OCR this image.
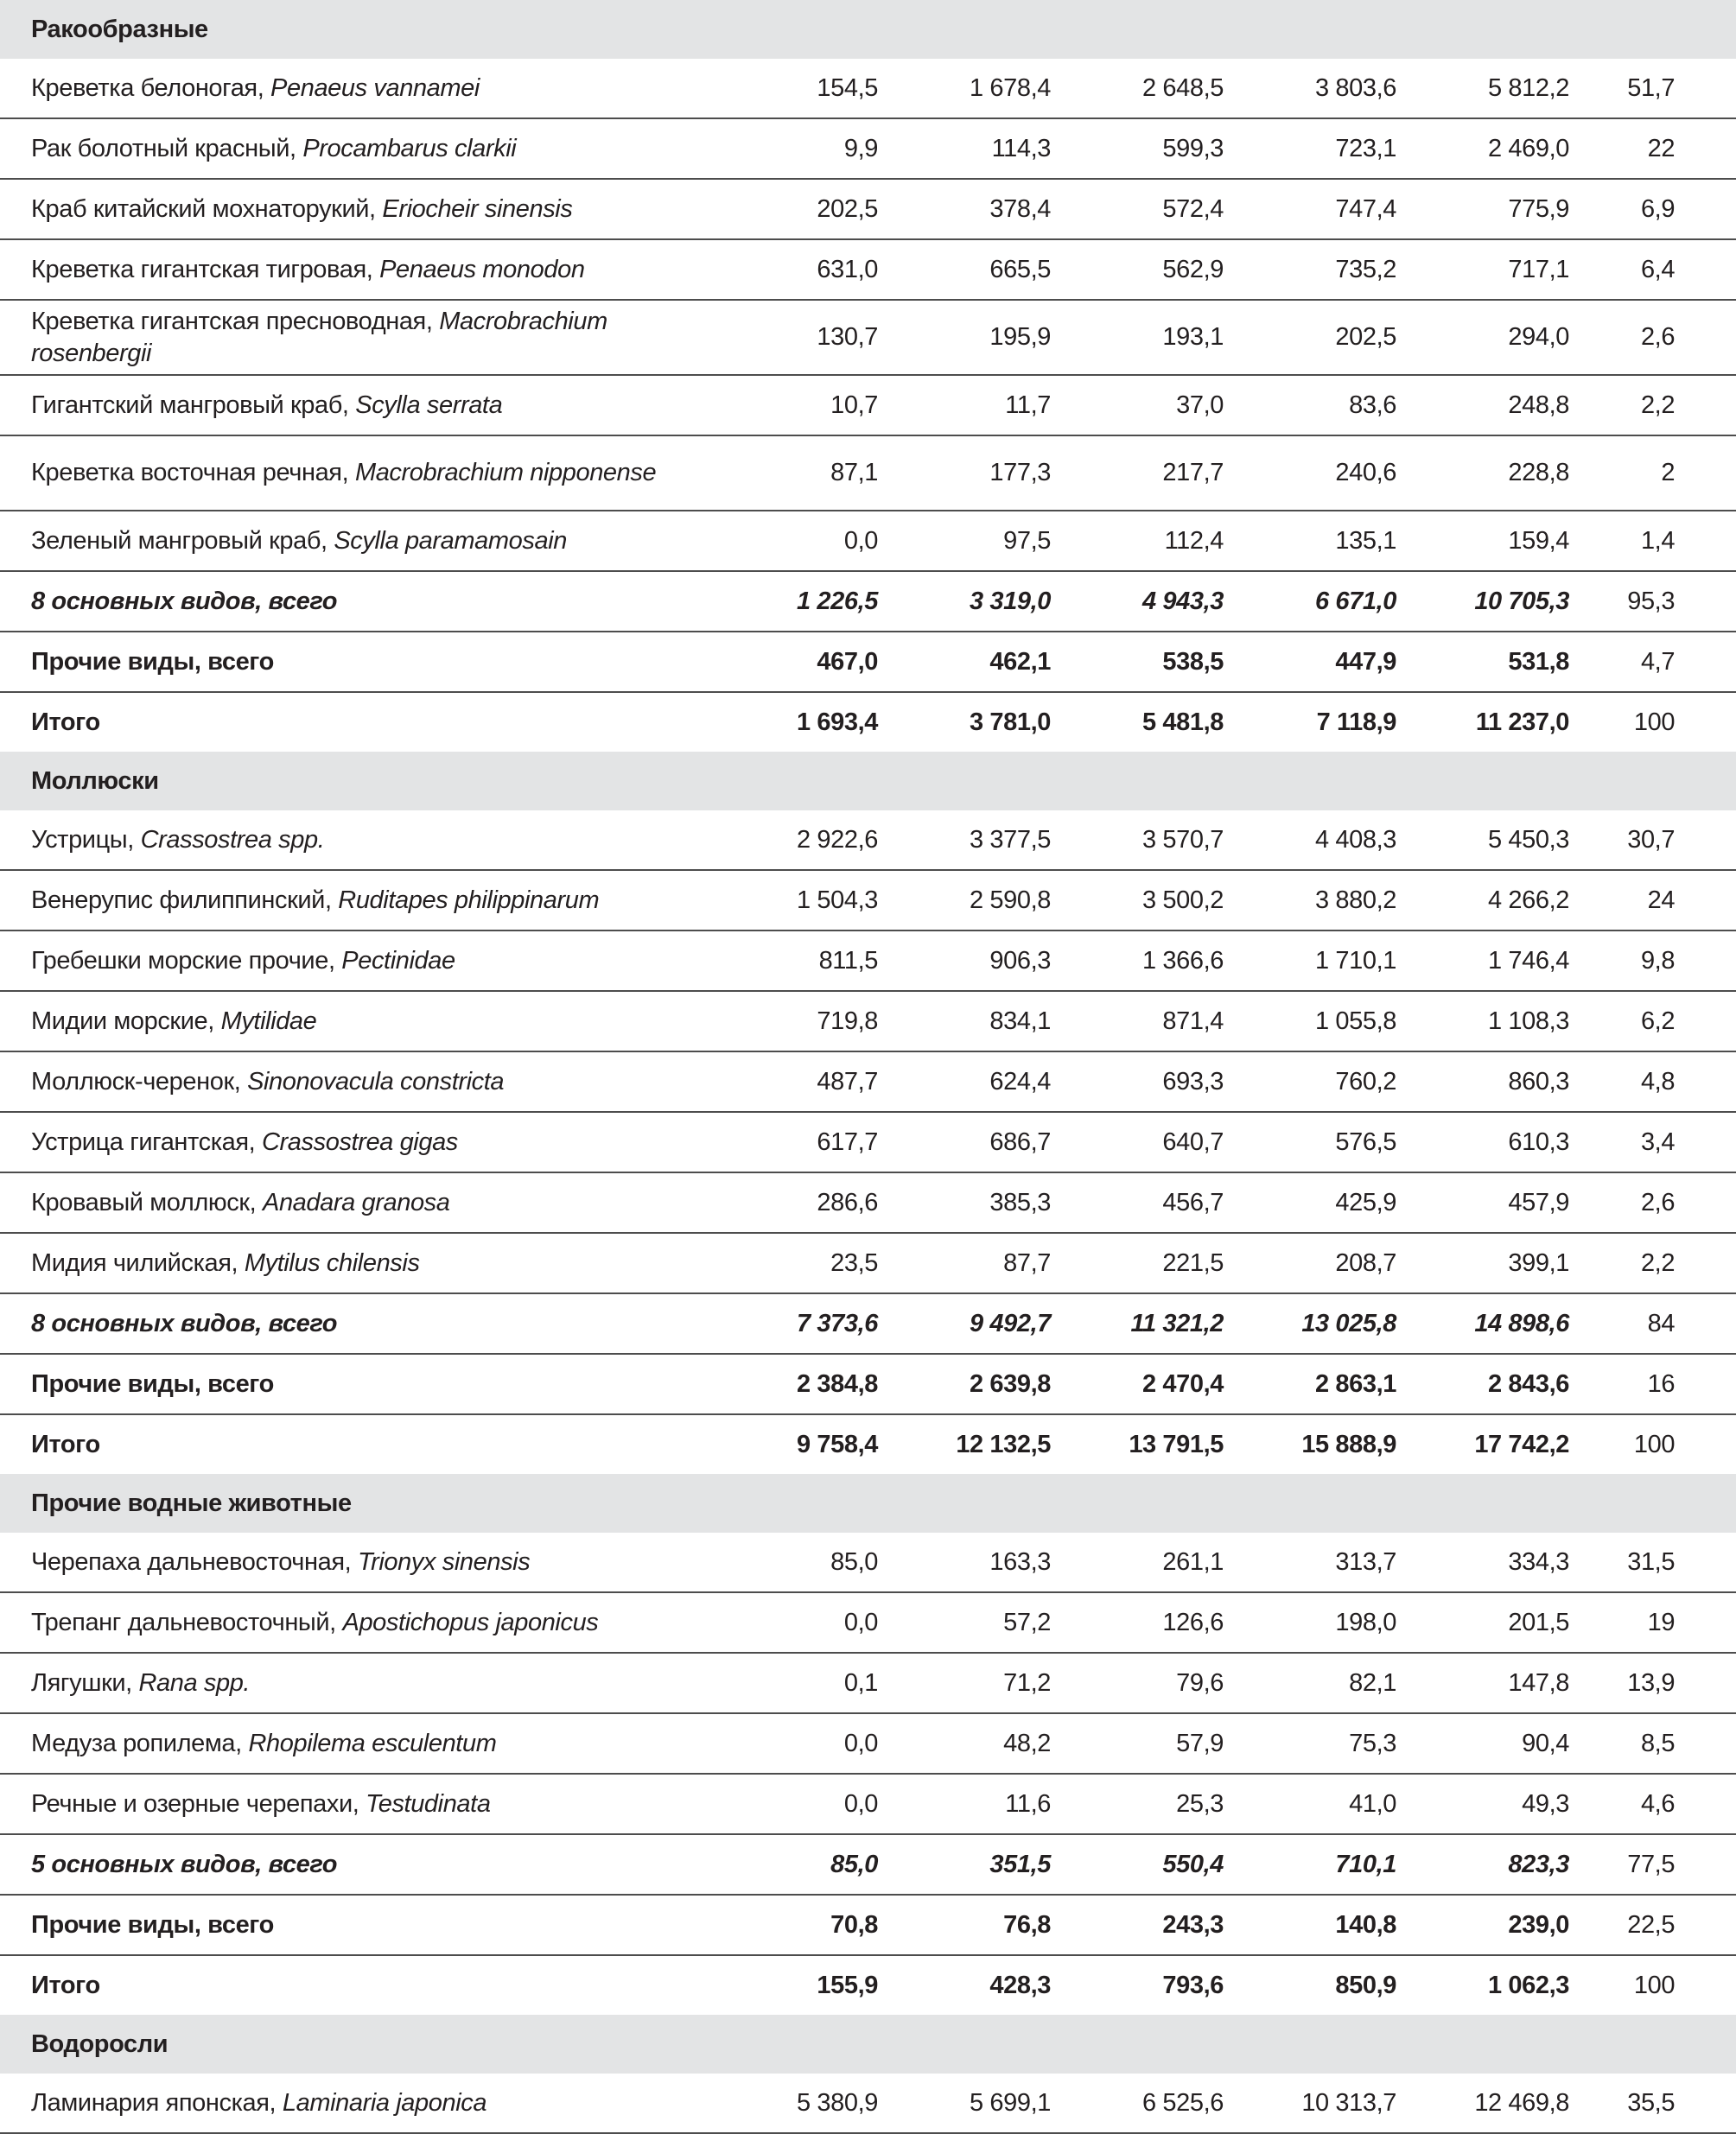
Ракообразные						
Креветка белоногая, Penaeus vannamei	154,5	1 678,4	2 648,5	3 803,6	5 812,2	51,7
Рак болотный красный, Procambarus clarkii	9,9	114,3	599,3	723,1	2 469,0	22
Краб китайский мохнаторукий, Eriocheir sinensis	202,5	378,4	572,4	747,4	775,9	6,9
Креветка гигантская тигровая, Penaeus monodon	631,0	665,5	562,9	735,2	717,1	6,4
Креветка гигантская пресноводная, Macrobrachium rosenbergii	130,7	195,9	193,1	202,5	294,0	2,6
Гигантский мангровый краб, Scylla serrata	10,7	11,7	37,0	83,6	248,8	2,2
Креветка восточная речная, Macrobrachium nipponense	87,1	177,3	217,7	240,6	228,8	2
Зеленый мангровый краб, Scylla paramamosain	0,0	97,5	112,4	135,1	159,4	1,4
8 основных видов, всего	1 226,5	3 319,0	4 943,3	6 671,0	10 705,3	95,3
Прочие виды, всего	467,0	462,1	538,5	447,9	531,8	4,7
Итого	1 693,4	3 781,0	5 481,8	7 118,9	11 237,0	100
Моллюски						
Устрицы, Crassostrea spp.	2 922,6	3 377,5	3 570,7	4 408,3	5 450,3	30,7
Венерупис филиппинский, Ruditapes philippinarum	1 504,3	2 590,8	3 500,2	3 880,2	4 266,2	24
Гребешки морские прочие, Pectinidae	811,5	906,3	1 366,6	1 710,1	1 746,4	9,8
Мидии морские, Mytilidae	719,8	834,1	871,4	1 055,8	1 108,3	6,2
Моллюск-черенок, Sinonovacula constricta	487,7	624,4	693,3	760,2	860,3	4,8
Устрица гигантская, Crassostrea gigas	617,7	686,7	640,7	576,5	610,3	3,4
Кровавый моллюск, Anadara granosa	286,6	385,3	456,7	425,9	457,9	2,6
Мидия чилийская, Mytilus chilensis	23,5	87,7	221,5	208,7	399,1	2,2
8 основных видов, всего	7 373,6	9 492,7	11 321,2	13 025,8	14 898,6	84
Прочие виды, всего	2 384,8	2 639,8	2 470,4	2 863,1	2 843,6	16
Итого	9 758,4	12 132,5	13 791,5	15 888,9	17 742,2	100
Прочие водные животные						
Черепаха дальневосточная, Trionyx sinensis	85,0	163,3	261,1	313,7	334,3	31,5
Трепанг дальневосточный, Apostichopus japonicus	0,0	57,2	126,6	198,0	201,5	19
Лягушки, Rana spp.	0,1	71,2	79,6	82,1	147,8	13,9
Медуза ропилема, Rhopilema esculentum	0,0	48,2	57,9	75,3	90,4	8,5
Речные и озерные черепахи, Testudinata	0,0	11,6	25,3	41,0	49,3	4,6
5 основных видов, всего	85,0	351,5	550,4	710,1	823,3	77,5
Прочие виды, всего	70,8	76,8	243,3	140,8	239,0	22,5
Итого	155,9	428,3	793,6	850,9	1 062,3	100
Водоросли						
Ламинария японская, Laminaria japonica	5 380,9	5 699,1	6 525,6	10 313,7	12 469,8	35,5
